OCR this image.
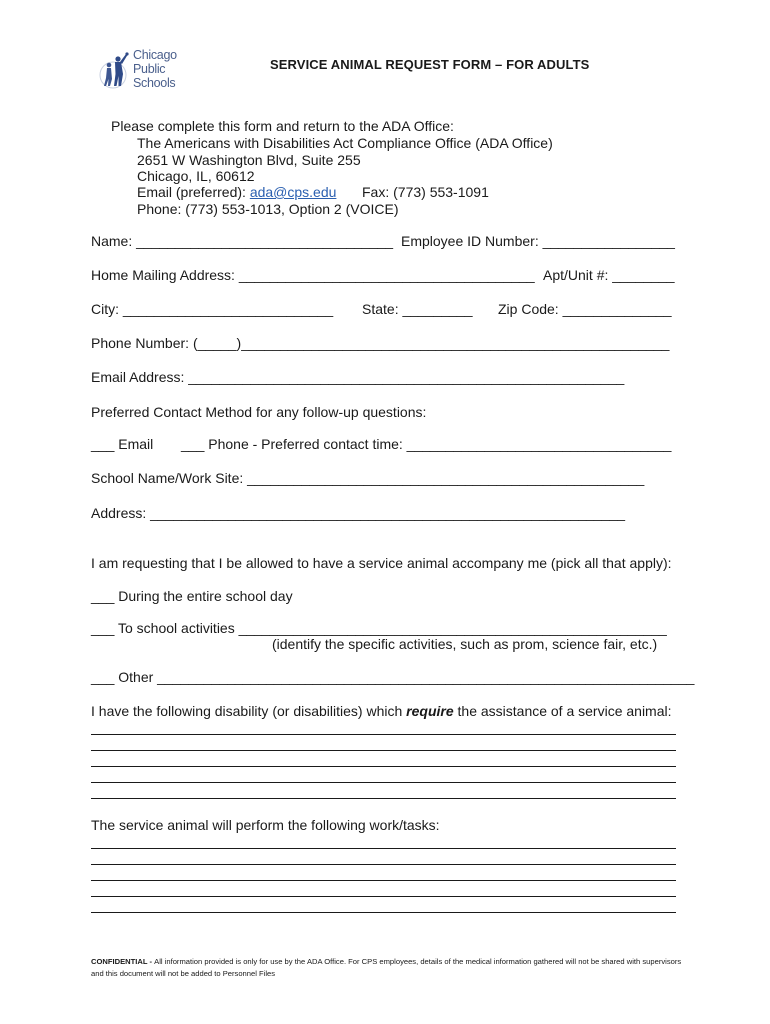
Chicago
Public
Schools
SERVICE ANIMAL REQUEST FORM – FOR ADULTS
Please complete this form and return to the ADA Office:
The Americans with Disabilities Act Compliance Office (ADA Office)
2651 W Washington Blvd, Suite 255
Chicago, IL, 60612
Email (preferred): ada@cps.edu Fax: (773) 553-1091
Phone: (773) 553-1013, Option 2 (VOICE)
Name: _________________________________ Employee ID Number: _________________
Home Mailing Address: ______________________________________ Apt/Unit #: ________
City: ___________________________ State: _________ Zip Code: ______________
Phone Number: (_____)_______________________________________________________
Email Address: ________________________________________________________
Preferred Contact Method for any follow-up questions:
___ Email ___ Phone - Preferred contact time: __________________________________
School Name/Work Site: ___________________________________________________
Address: _____________________________________________________________
I am requesting that I be allowed to have a service animal accompany me (pick all that apply):
___ During the entire school day
___ To school activities _______________________________________________________
(identify the specific activities, such as prom, science fair, etc.)
___ Other _____________________________________________________________________
I have the following disability (or disabilities) which require the assistance of a service animal:
The service animal will perform the following work/tasks:
CONFIDENTIAL - All information provided is only for use by the ADA Office. For CPS employees, details of the medical information gathered will not be shared with supervisors and this document will not be added to Personnel Files
